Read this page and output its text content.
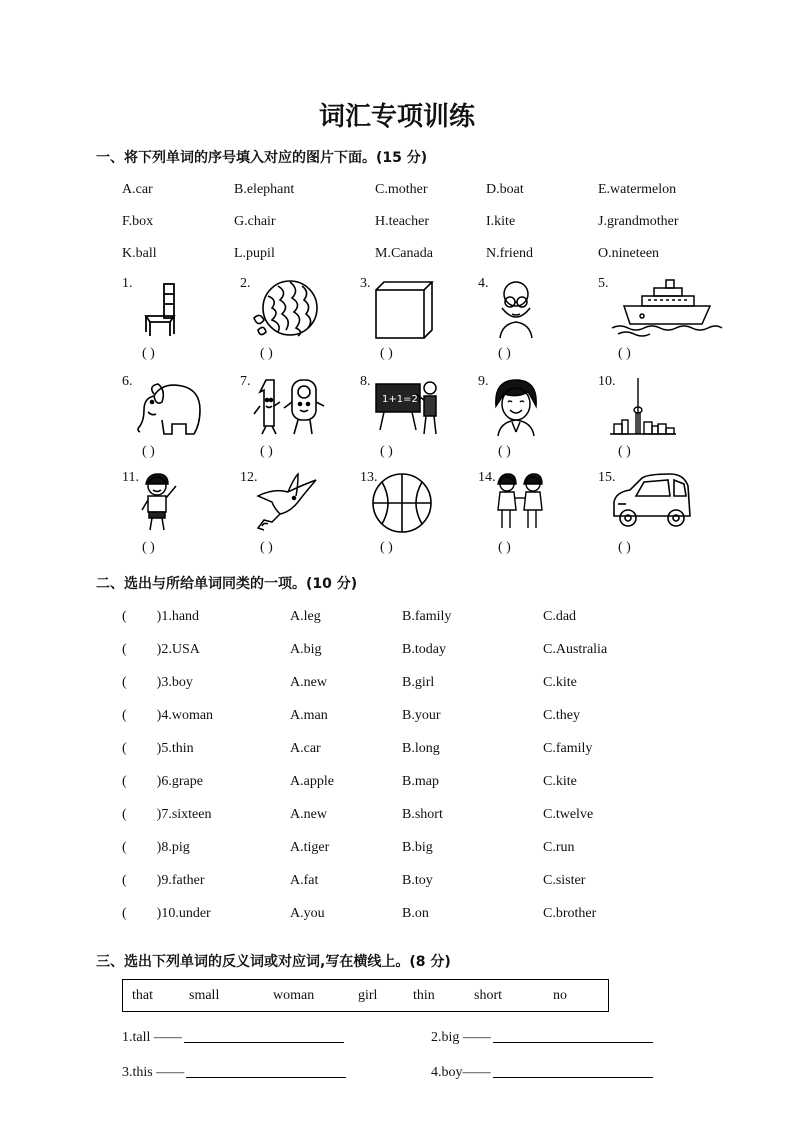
词汇专项训练
一、将下列单词的序号填入对应的图片下面。(15 分)
A.car	B.elephant	C.mother	D.boat	E.watermelon
F.box	G.chair	H.teacher	I.kite	J.grandmother
K.ball	L.pupil	M.Canada	N.friend	O.nineteen
1.
( )
2.
( )
3.
( )
4.
( )
5.
( )
6.
( )
7.
( )
8.
1+1=2
( )
9.
( )
10.
( )
11.
( )
12.
( )
13.
( )
14.
( )
15.
( )
二、选出与所给单词同类的一项。(10 分)
( )1.hand	A.leg	B.family	C.dad
( )2.USA	A.big	B.today	C.Australia
( )3.boy	A.new	B.girl	C.kite
( )4.woman	A.man	B.your	C.they
( )5.thin	A.car	B.long	C.family
( )6.grape	A.apple	B.map	C.kite
( )7.sixteen	A.new	B.short	C.twelve
( )8.pig	A.tiger	B.big	C.run
( )9.father	A.fat	B.toy	C.sister
( )10.under	A.you	B.on	C.brother
三、选出下列单词的反义词或对应词,写在横线上。(8 分)
that	small	woman	girl	thin	short	no
1.tall ——	2.big ——
3.this ——	4.boy——
